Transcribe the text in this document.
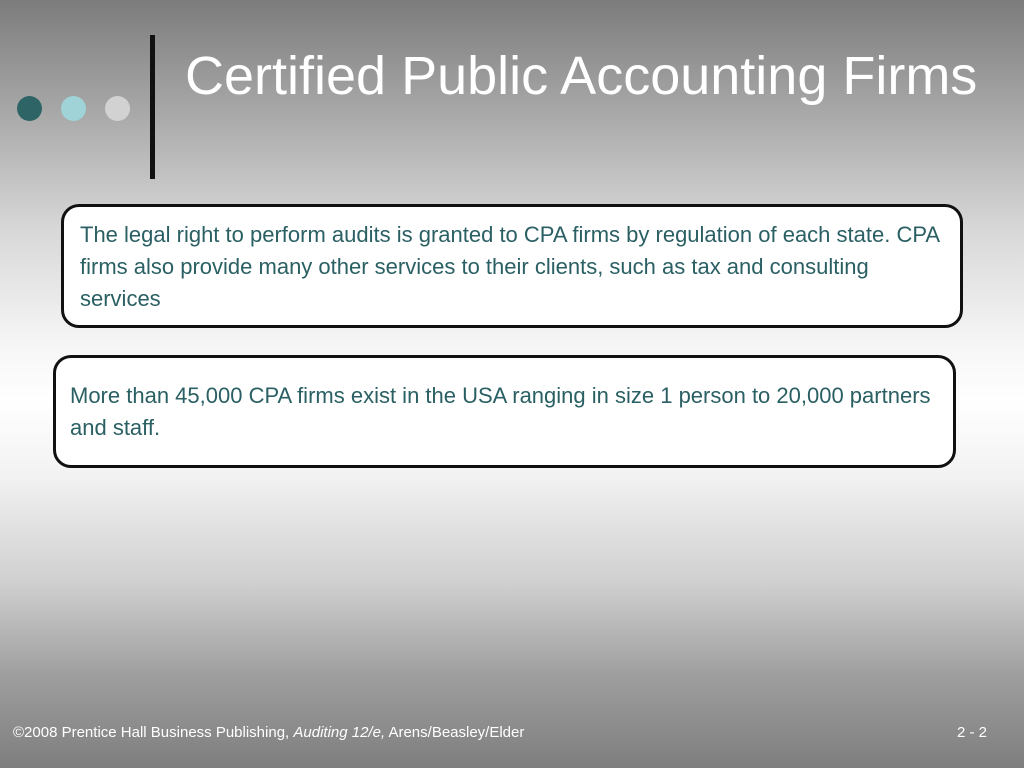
Certified Public Accounting Firms
The legal right to perform audits is granted to CPA firms by regulation of each state. CPA firms also provide many other services to their clients, such as tax and consulting services
More than 45,000 CPA firms exist in the USA ranging in size 1 person to 20,000 partners and staff.
©2008 Prentice Hall Business Publishing, Auditing 12/e, Arens/Beasley/Elder	2 - 2
